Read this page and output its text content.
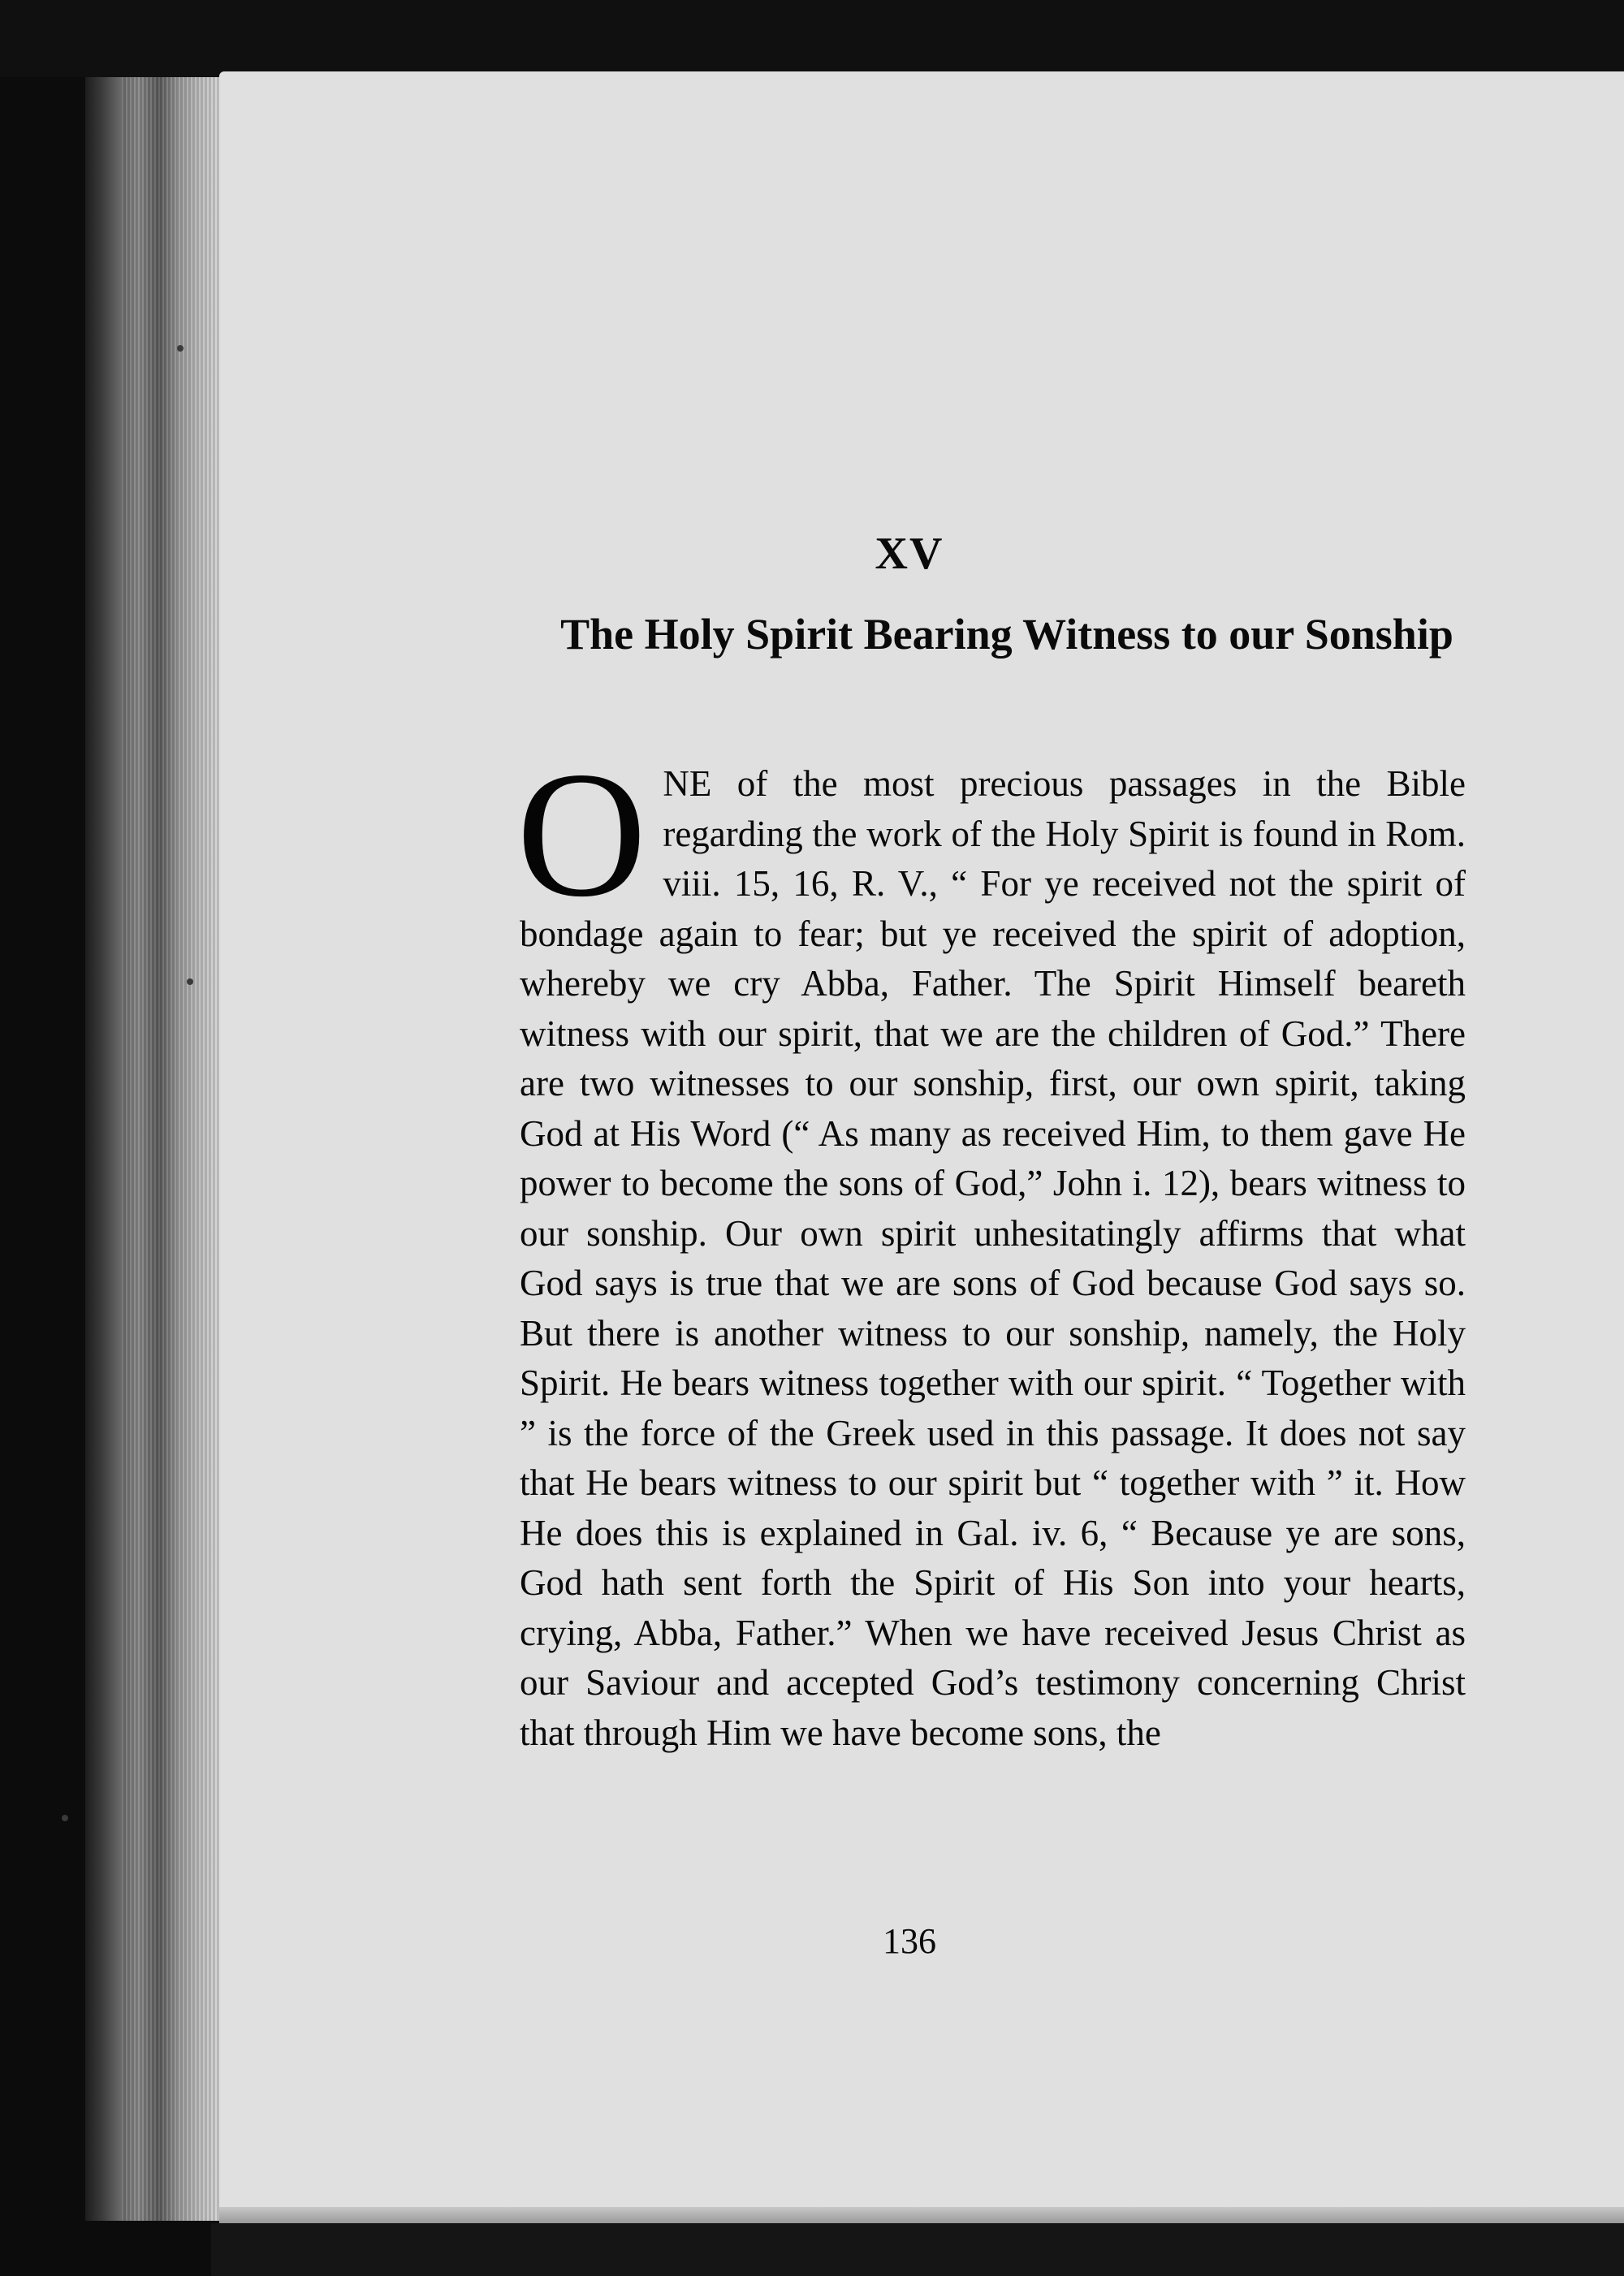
XV
The Holy Spirit Bearing Witness to our Sonship
O NE of the most precious passages in the Bible regarding the work of the Holy Spirit is found in Rom. viii. 15, 16, R. V., “ For ye received not the spirit of bondage again to fear; but ye received the spirit of adoption, whereby we cry Abba, Father. The Spirit Himself beareth witness with our spirit, that we are the children of God.” There are two witnesses to our sonship, first, our own spirit, taking God at His Word (“ As many as received Him, to them gave He power to become the sons of God,” John i. 12), bears witness to our sonship. Our own spirit unhesitatingly affirms that what God says is true that we are sons of God because God says so. But there is another witness to our sonship, namely, the Holy Spirit. He bears witness together with our spirit. “ Together with ” is the force of the Greek used in this passage. It does not say that He bears witness to our spirit but “ together with ” it. How He does this is explained in Gal. iv. 6, “ Because ye are sons, God hath sent forth the Spirit of His Son into your hearts, crying, Abba, Father.” When we have received Jesus Christ as our Saviour and accepted God’s testimony concerning Christ that through Him we have become sons, the
136
